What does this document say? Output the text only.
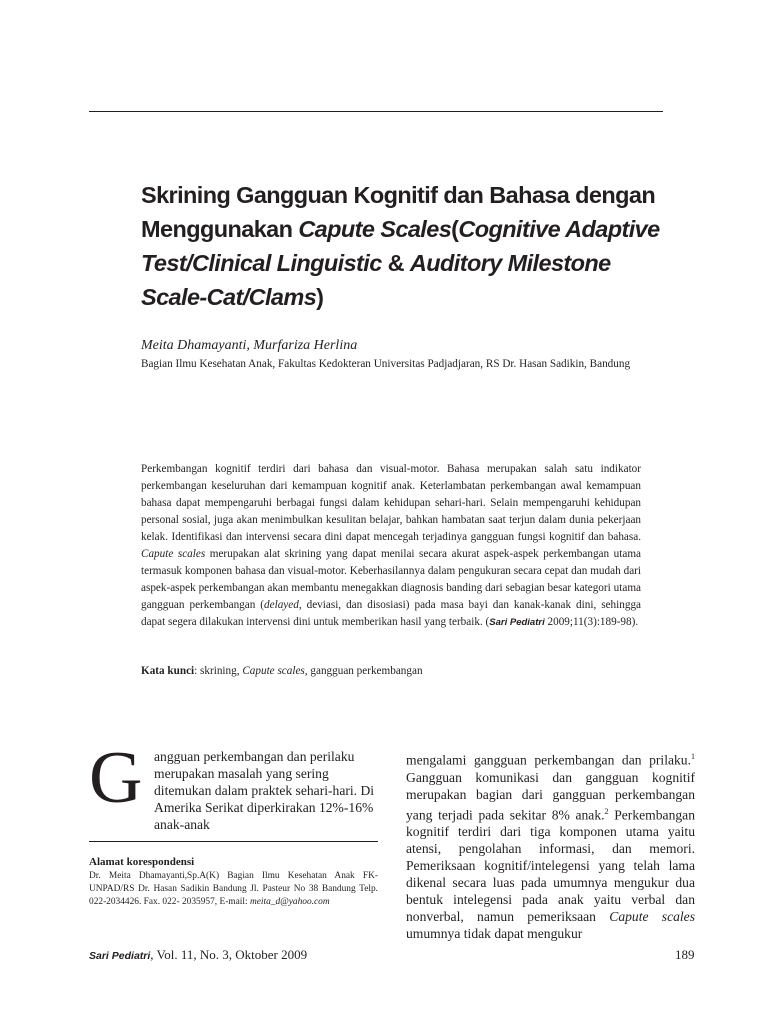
Skrining Gangguan Kognitif dan Bahasa dengan Menggunakan Capute Scales(Cognitive Adaptive Test/Clinical Linguistic & Auditory Milestone Scale-Cat/Clams)
Meita Dhamayanti, Murfariza Herlina
Bagian Ilmu Kesehatan Anak, Fakultas Kedokteran Universitas Padjadjaran, RS Dr. Hasan Sadikin, Bandung

Perkembangan kognitif terdiri dari bahasa dan visual-motor. Bahasa merupakan salah satu indikator perkembangan keseluruhan dari kemampuan kognitif anak. Keterlambatan perkembangan awal kemampuan bahasa dapat mempengaruhi berbagai fungsi dalam kehidupan sehari-hari. Selain mempengaruhi kehidupan personal sosial, juga akan menimbulkan kesulitan belajar, bahkan hambatan saat terjun dalam dunia pekerjaan kelak. Identifikasi dan intervensi secara dini dapat mencegah terjadinya gangguan fungsi kognitif dan bahasa. Capute scales merupakan alat skrining yang dapat menilai secara akurat aspek-aspek perkembangan utama termasuk komponen bahasa dan visual-motor. Keberhasilannya dalam pengukuran secara cepat dan mudah dari aspek-aspek perkembangan akan membantu menegakkan diagnosis banding dari sebagian besar kategori utama gangguan perkembangan (delayed, deviasi, dan disosiasi) pada masa bayi dan kanak-kanak dini, sehingga dapat segera dilakukan intervensi dini untuk memberikan hasil yang terbaik. (Sari Pediatri 2009;11(3):189-98).

Kata kunci: skrining, Capute scales, gangguan perkembangan
G angguan perkembangan dan perilaku merupakan masalah yang sering ditemukan dalam praktek sehari-hari. Di Amerika Serikat diperkirakan 12%-16% anak-anak

Alamat korespondensi
Dr. Meita Dhamayanti,Sp.A(K) Bagian Ilmu Kesehatan Anak FK-UNPAD/RS Dr. Hasan Sadikin Bandung Jl. Pasteur No 38 Bandung Telp. 022-2034426. Fax. 022- 2035957, E-mail: meita_d@yahoo.com

mengalami gangguan perkembangan dan prilaku.$^1$ Gangguan komunikasi dan gangguan kognitif merupakan bagian dari gangguan perkembangan yang terjadi pada sekitar 8% anak.$^2$ Perkembangan kognitif terdiri dari tiga komponen utama yaitu atensi, pengolahan informasi, dan memori. Pemeriksaan kognitif/intelegensi yang telah lama dikenal secara luas pada umumnya mengukur dua bentuk intelegensi pada anak yaitu verbal dan nonverbal, namun pemeriksaan Capute scales umumnya tidak dapat mengukur

Sari Pediatri, Vol. 11, No. 3, Oktober 2009	189
